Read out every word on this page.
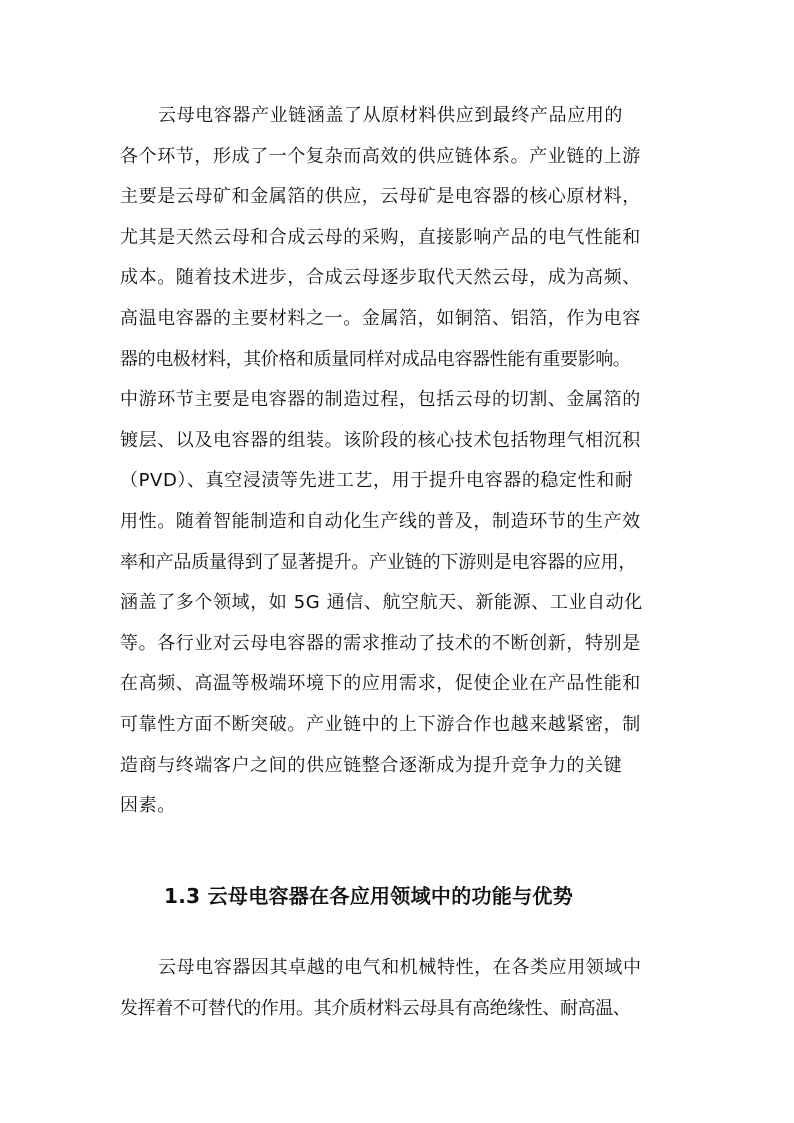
云母电容器产业链涵盖了从原材料供应到最终产品应用的
各个环节，形成了一个复杂而高效的供应链体系。产业链的上游
主要是云母矿和金属箔的供应，云母矿是电容器的核心原材料，
尤其是天然云母和合成云母的采购，直接影响产品的电气性能和
成本。随着技术进步，合成云母逐步取代天然云母，成为高频、
高温电容器的主要材料之一。金属箔，如铜箔、铝箔，作为电容
器的电极材料，其价格和质量同样对成品电容器性能有重要影响。
中游环节主要是电容器的制造过程，包括云母的切割、金属箔的
镀层、以及电容器的组装。该阶段的核心技术包括物理气相沉积
（PVD）、真空浸渍等先进工艺，用于提升电容器的稳定性和耐
用性。随着智能制造和自动化生产线的普及，制造环节的生产效
率和产品质量得到了显著提升。产业链的下游则是电容器的应用，
涵盖了多个领域，如 5G 通信、航空航天、新能源、工业自动化
等。各行业对云母电容器的需求推动了技术的不断创新，特别是
在高频、高温等极端环境下的应用需求，促使企业在产品性能和
可靠性方面不断突破。产业链中的上下游合作也越来越紧密，制
造商与终端客户之间的供应链整合逐渐成为提升竞争力的关键
因素。
1.3 云母电容器在各应用领域中的功能与优势
云母电容器因其卓越的电气和机械特性，在各类应用领域中
发挥着不可替代的作用。其介质材料云母具有高绝缘性、耐高温、
